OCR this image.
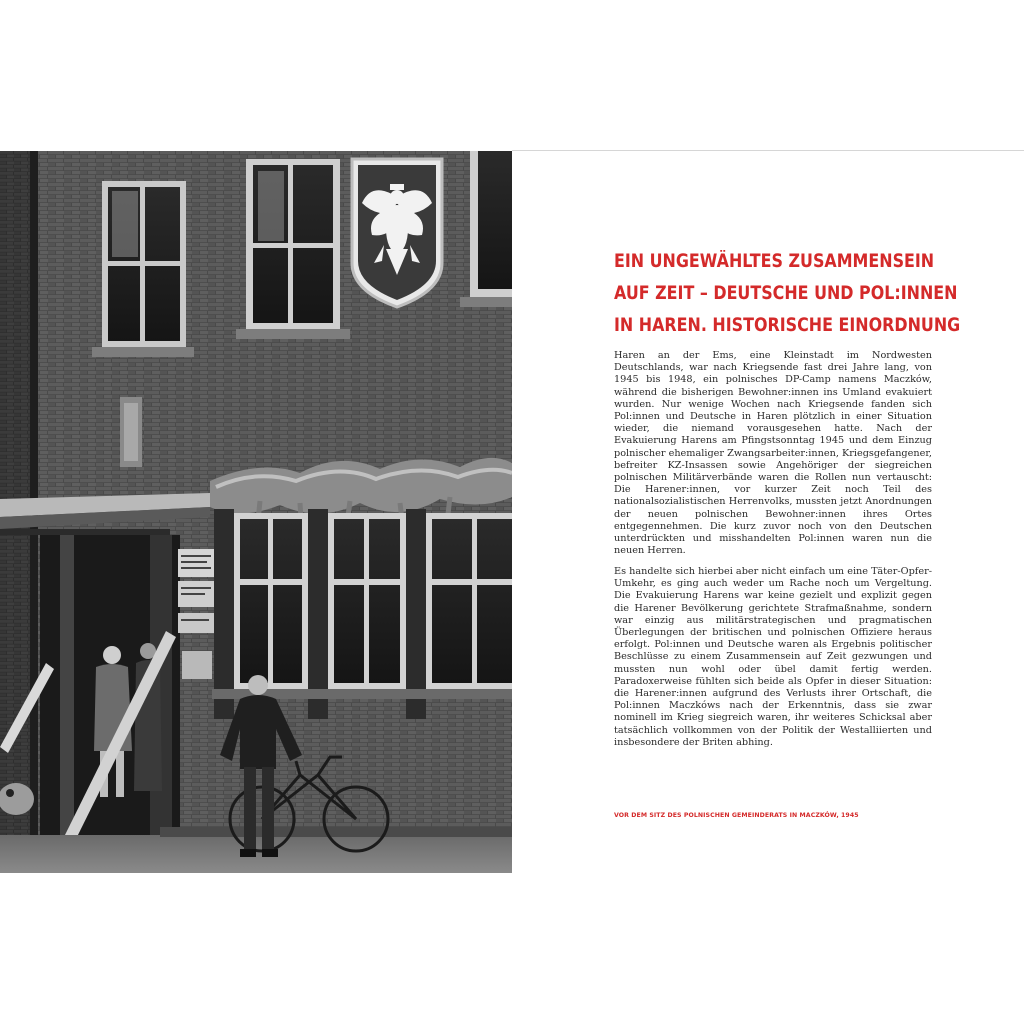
EIN UNGEWÄHLTES ZUSAMMENSEIN
AUF ZEIT – DEUTSCHE UND POL:INNEN
IN HAREN. HISTORISCHE EINORDNUNG

Haren an der Ems, eine Kleinstadt im Nordwesten Deutschlands, war nach Kriegsende fast drei Jahre lang, von 1945 bis 1948, ein polnisches DP-Camp namens Maczków, während die bisherigen Bewohner:innen ins Umland evakuiert wurden. Nur wenige Wochen nach Kriegsende fanden sich Pol:innen und Deutsche in Haren plötzlich in einer Situation wieder, die niemand vorausgesehen hatte. Nach der Evakuierung Harens am Pfingstsonntag 1945 und dem Einzug polnischer ehemaliger Zwangsarbeiter:innen, Kriegsgefangener, befreiter KZ-Insassen sowie Angehöriger der siegreichen polnischen Militärverbände waren die Rollen nun vertauscht: Die Harener:innen, vor kurzer Zeit noch Teil des nationalsozialistischen Herrenvolks, mussten jetzt Anordnungen der neuen polnischen Bewohner:innen ihres Ortes entgegennehmen. Die kurz zuvor noch von den Deutschen unterdrückten und misshandelten Pol:innen waren nun die neuen Herren.

Es handelte sich hierbei aber nicht einfach um eine Täter-Opfer-Umkehr, es ging auch weder um Rache noch um Vergeltung. Die Evakuierung Harens war keine gezielt und explizit gegen die Harener Bevölkerung gerichtete Strafmaßnahme, sondern war einzig aus militärstrategischen und pragmatischen Überlegungen der britischen und polnischen Offiziere heraus erfolgt. Pol:innen und Deutsche waren als Ergebnis politischer Beschlüsse zu einem Zusammensein auf Zeit gezwungen und mussten nun wohl oder übel damit fertig werden. Paradoxerweise fühlten sich beide als Opfer in dieser Situation: die Harener:innen aufgrund des Verlusts ihrer Ortschaft, die Pol:innen Maczkóws nach der Erkenntnis, dass sie zwar nominell im Krieg siegreich waren, ihr weiteres Schicksal aber tatsächlich vollkommen von der Politik der Westalliierten und insbesondere der Briten abhing.

VOR DEM SITZ DES POLNISCHEN GEMEINDERATS IN MACZKÓW, 1945
